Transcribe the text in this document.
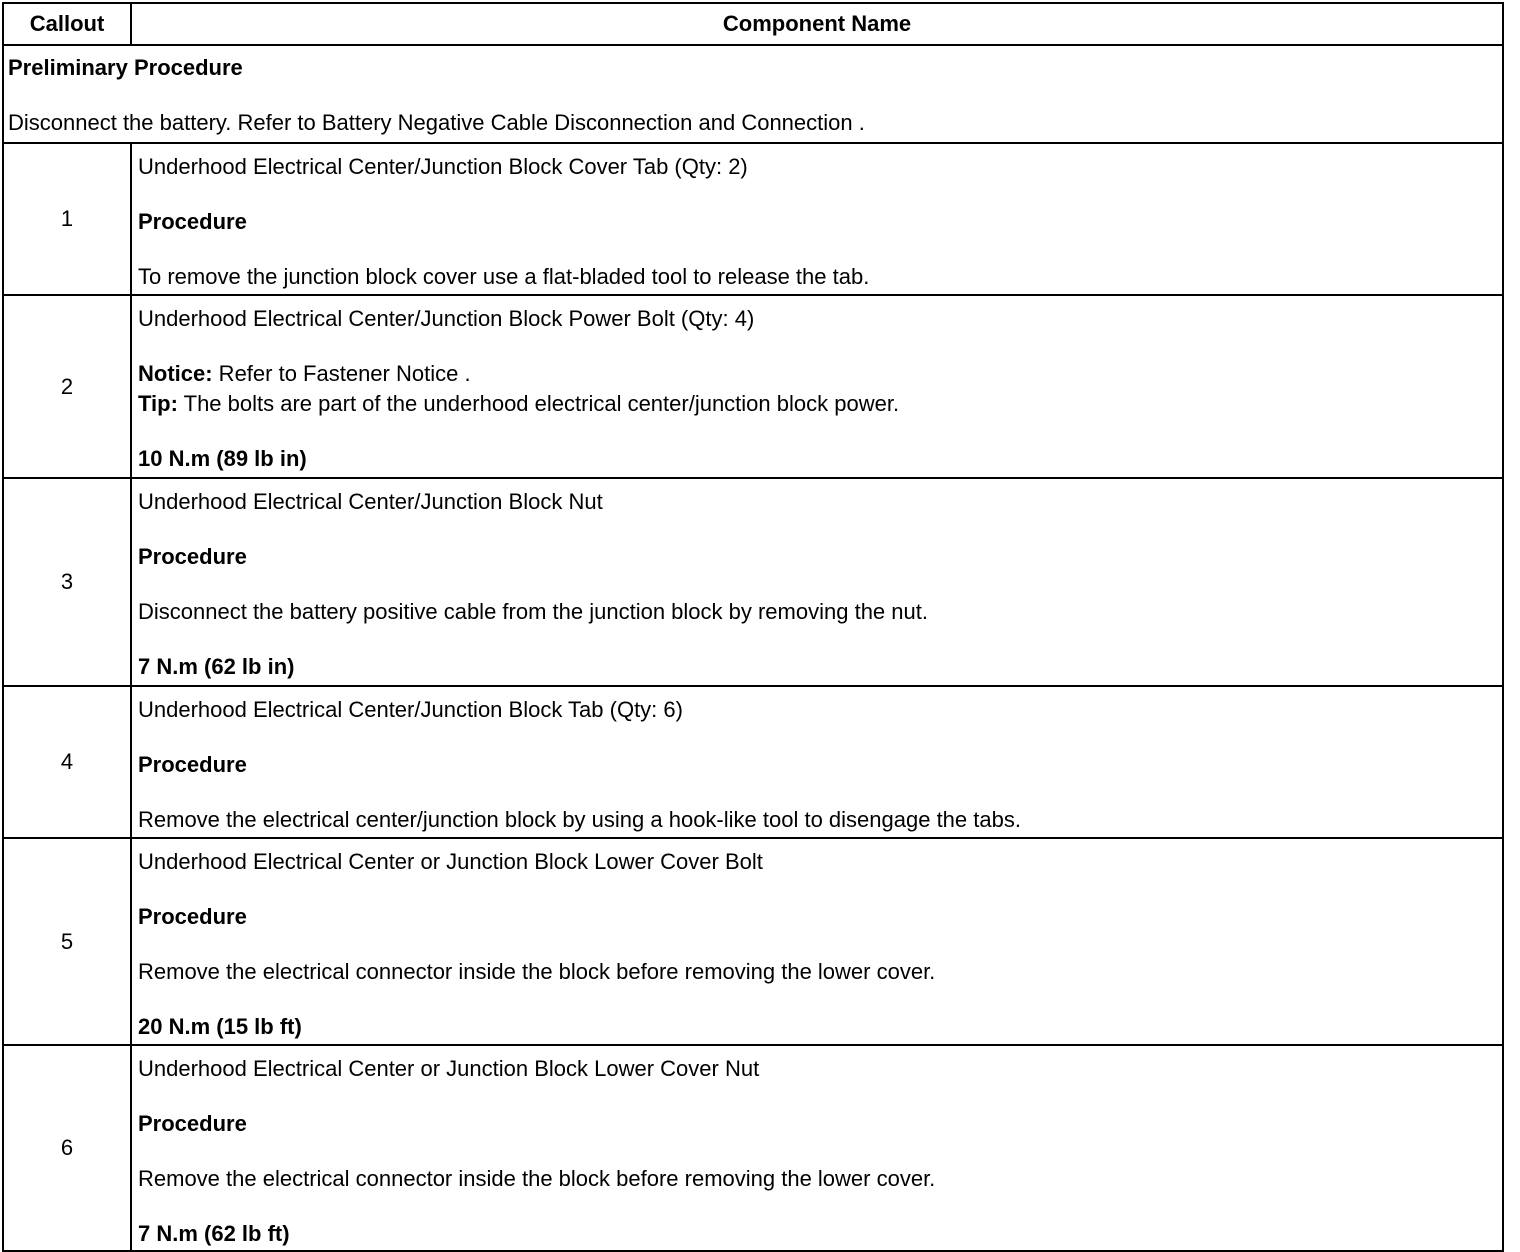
Callout	Component Name
Preliminary Procedure
Disconnect the battery. Refer to Battery Negative Cable Disconnection and Connection .
1
Underhood Electrical Center/Junction Block Cover Tab (Qty: 2)
Procedure
To remove the junction block cover use a flat-bladed tool to release the tab.
2
Underhood Electrical Center/Junction Block Power Bolt (Qty: 4)
Notice: Refer to Fastener Notice .
Tip: The bolts are part of the underhood electrical center/junction block power.
10 N.m (89 lb in)
3
Underhood Electrical Center/Junction Block Nut
Procedure
Disconnect the battery positive cable from the junction block by removing the nut.
7 N.m (62 lb in)
4
Underhood Electrical Center/Junction Block Tab (Qty: 6)
Procedure
Remove the electrical center/junction block by using a hook-like tool to disengage the tabs.
5
Underhood Electrical Center or Junction Block Lower Cover Bolt
Procedure
Remove the electrical connector inside the block before removing the lower cover.
20 N.m (15 lb ft)
6
Underhood Electrical Center or Junction Block Lower Cover Nut
Procedure
Remove the electrical connector inside the block before removing the lower cover.
7 N.m (62 lb ft)
